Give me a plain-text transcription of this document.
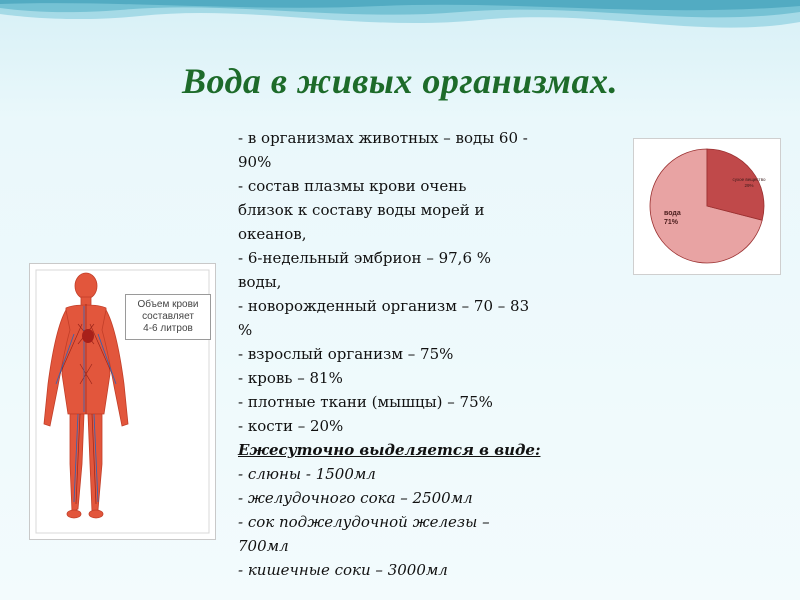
Вода в живых организмах.

- в организмах животных – воды 60 -

90%

- состав плазмы крови очень

близок к составу воды морей и

океанов,

- 6-недельный эмбрион – 97,6 %

воды,

- новорожденный организм – 70 – 83

%

- взрослый организм – 75%

- кровь – 81%

- плотные ткани (мышцы) – 75%

- кости – 20%

Ежесуточно выделяется в виде:

- слюны - 1500мл

- желудочного сока – 2500мл

- сок поджелудочной железы –

700мл

- кишечные соки – 3000мл

Объем крови
составляет
4-6 литров
вода
71%
сухое вещество
29%
